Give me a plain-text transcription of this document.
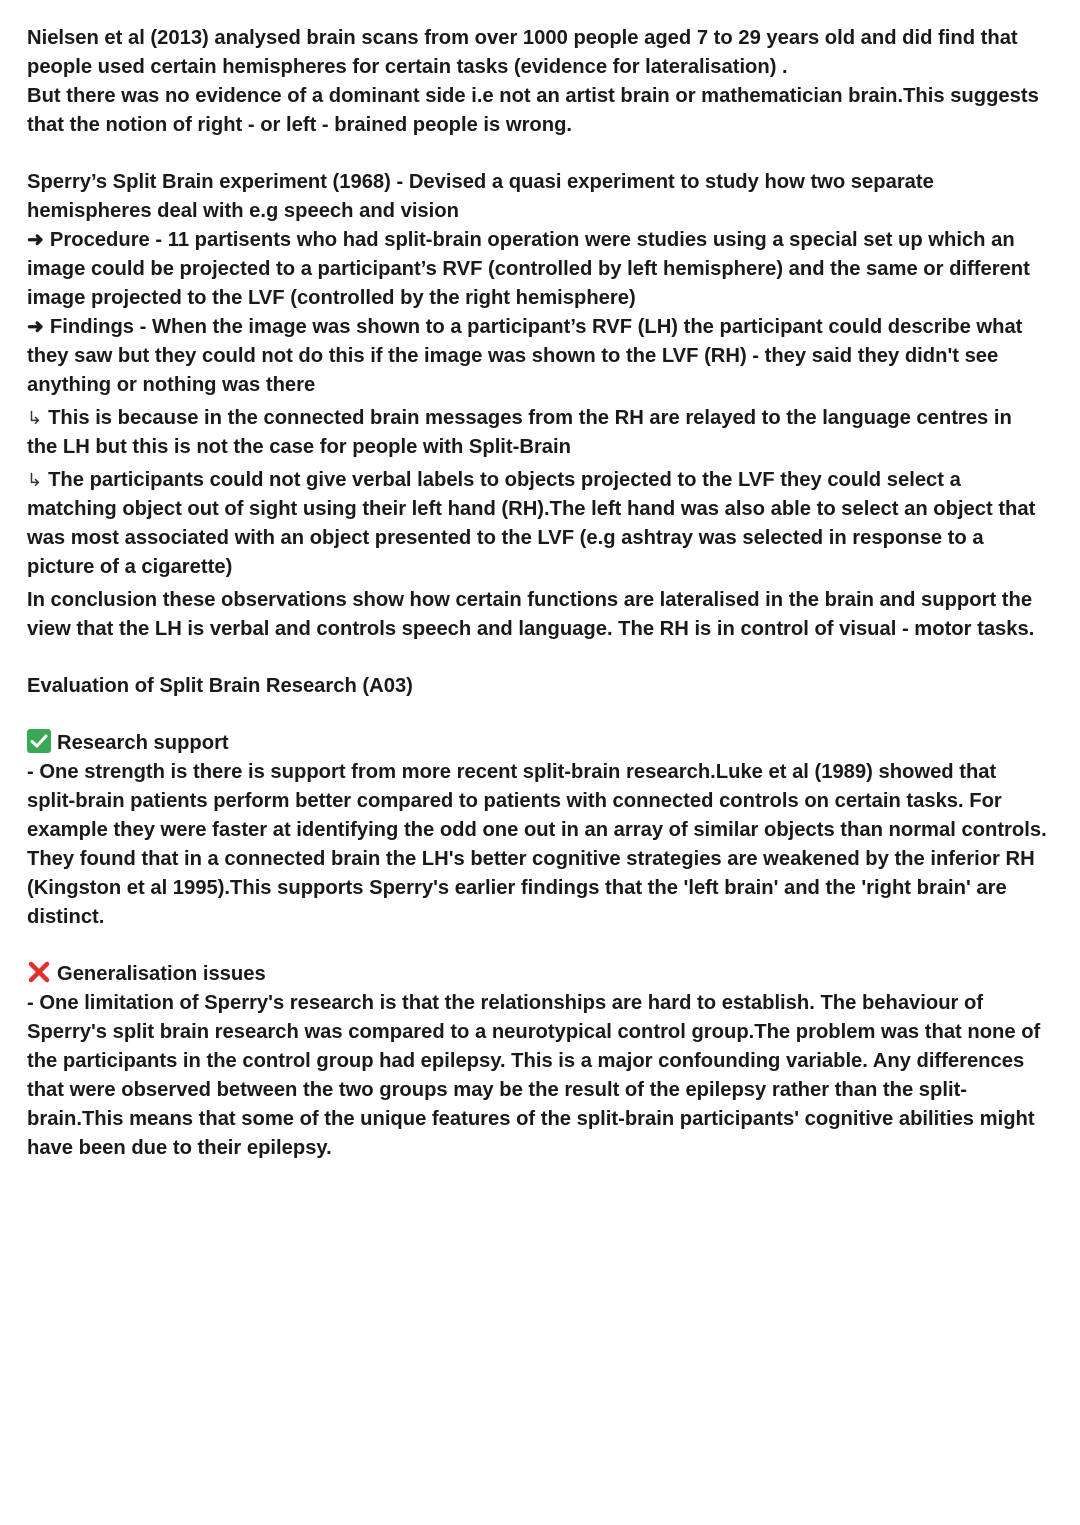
Nielsen et al (2013) analysed brain scans from over 1000 people aged 7 to 29 years old and did find that people used certain hemispheres for certain tasks (evidence for lateralisation) .

But there was no evidence of a dominant side i.e not an artist brain or mathematician brain.This suggests that the notion of right - or left - brained people is wrong.

Sperry’s Split Brain experiment (1968) - Devised a quasi experiment to study how two separate hemispheres deal with e.g speech and vision

➜ Procedure - 11 partisents who had split-brain operation were studies using a special set up which an image could be projected to a participant’s RVF (controlled by left hemisphere) and the same or different image projected to the LVF (controlled by the right hemisphere)

➜ Findings - When the image was shown to a participant’s RVF (LH) the participant could describe what they saw but they could not do this if the image was shown to the LVF (RH) - they said they didn't see anything or nothing was there

↳ This is because in the connected brain messages from the RH are relayed to the language centres in the LH but this is not the case for people with Split-Brain

↳ The participants could not give verbal labels to objects projected to the LVF they could select a matching object out of sight using their left hand (RH).The left hand was also able to select an object that was most associated with an object presented to the LVF (e.g ashtray was selected in response to a picture of a cigarette)

In conclusion these observations show how certain functions are lateralised in the brain and support the view that the LH is verbal and controls speech and language. The RH is in control of visual - motor tasks.

Evaluation of Split Brain Research (A03)

Research support

- One strength is there is support from more recent split-brain research.Luke et al (1989) showed that split-brain patients perform better compared to patients with connected controls on certain tasks. For example they were faster at identifying the odd one out in an array of similar objects than normal controls. They found that in a connected brain the LH's better cognitive strategies are weakened by the inferior RH (Kingston et al 1995).This supports Sperry's earlier findings that the 'left brain' and the 'right brain' are distinct.

Generalisation issues

- One limitation of Sperry's research is that the relationships are hard to establish. The behaviour of Sperry's split brain research was compared to a neurotypical control group.The problem was that none of the participants in the control group had epilepsy. This is a major confounding variable. Any differences that were observed between the two groups may be the result of the epilepsy rather than the split-brain.This means that some of the unique features of the split-brain participants' cognitive abilities might have been due to their epilepsy.
